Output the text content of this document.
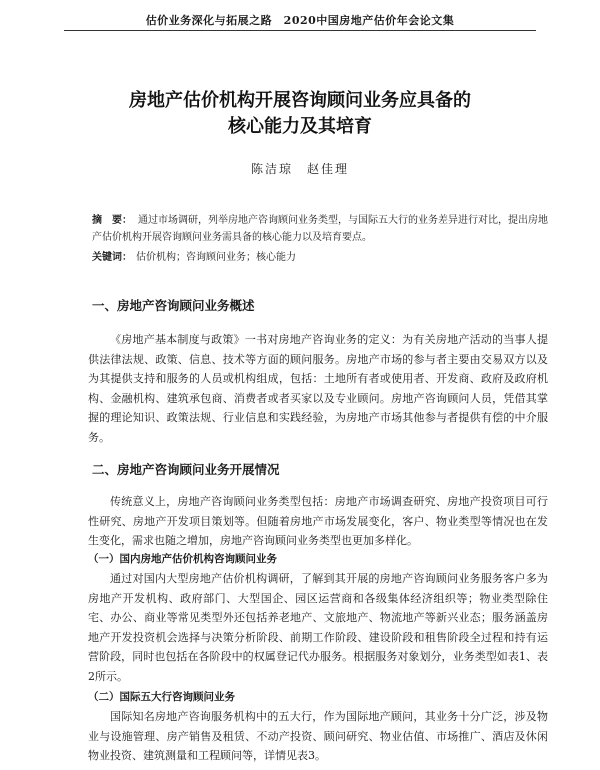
估价业务深化与拓展之路　2020中国房地产估价年会论文集
房地产估价机构开展咨询顾问业务应具备的
核心能力及其培育
陈洁琼　赵佳理
摘　要： 通过市场调研，列举房地产咨询顾问业务类型，与国际五大行的业务差异进行对比，提出房地产估价机构开展咨询顾问业务需具备的核心能力以及培育要点。
关键词： 估价机构；咨询顾问业务；核心能力
一、房地产咨询顾问业务概述
《房地产基本制度与政策》一书对房地产咨询业务的定义：为有关房地产活动的当事人提供法律法规、政策、信息、技术等方面的顾问服务。房地产市场的参与者主要由交易双方以及为其提供支持和服务的人员或机构组成，包括：土地所有者或使用者、开发商、政府及政府机构、金融机构、建筑承包商、消费者或者买家以及专业顾问。房地产咨询顾问人员，凭借其掌握的理论知识、政策法规、行业信息和实践经验，为房地产市场其他参与者提供有偿的中介服务。
二、房地产咨询顾问业务开展情况
传统意义上，房地产咨询顾问业务类型包括：房地产市场调查研究、房地产投资项目可行性研究、房地产开发项目策划等。但随着房地产市场发展变化，客户、物业类型等情况也在发生变化，需求也随之增加，房地产咨询顾问业务类型也更加多样化。
（一）国内房地产估价机构咨询顾问业务
通过对国内大型房地产估价机构调研，了解到其开展的房地产咨询顾问业务服务客户多为房地产开发机构、政府部门、大型国企、园区运营商和各级集体经济组织等；物业类型除住宅、办公、商业等常见类型外还包括养老地产、文旅地产、物流地产等新兴业态；服务涵盖房地产开发投资机会选择与决策分析阶段、前期工作阶段、建设阶段和租售阶段全过程和持有运营阶段，同时也包括在各阶段中的权属登记代办服务。根据服务对象划分，业务类型如表1、表2所示。
（二）国际五大行咨询顾问业务
国际知名房地产咨询服务机构中的五大行，作为国际地产顾问，其业务十分广泛，涉及物业与设施管理、房产销售及租赁、不动产投资、顾问研究、物业估值、市场推广、酒店及休闲物业投资、建筑测量和工程顾问等，详情见表3。
